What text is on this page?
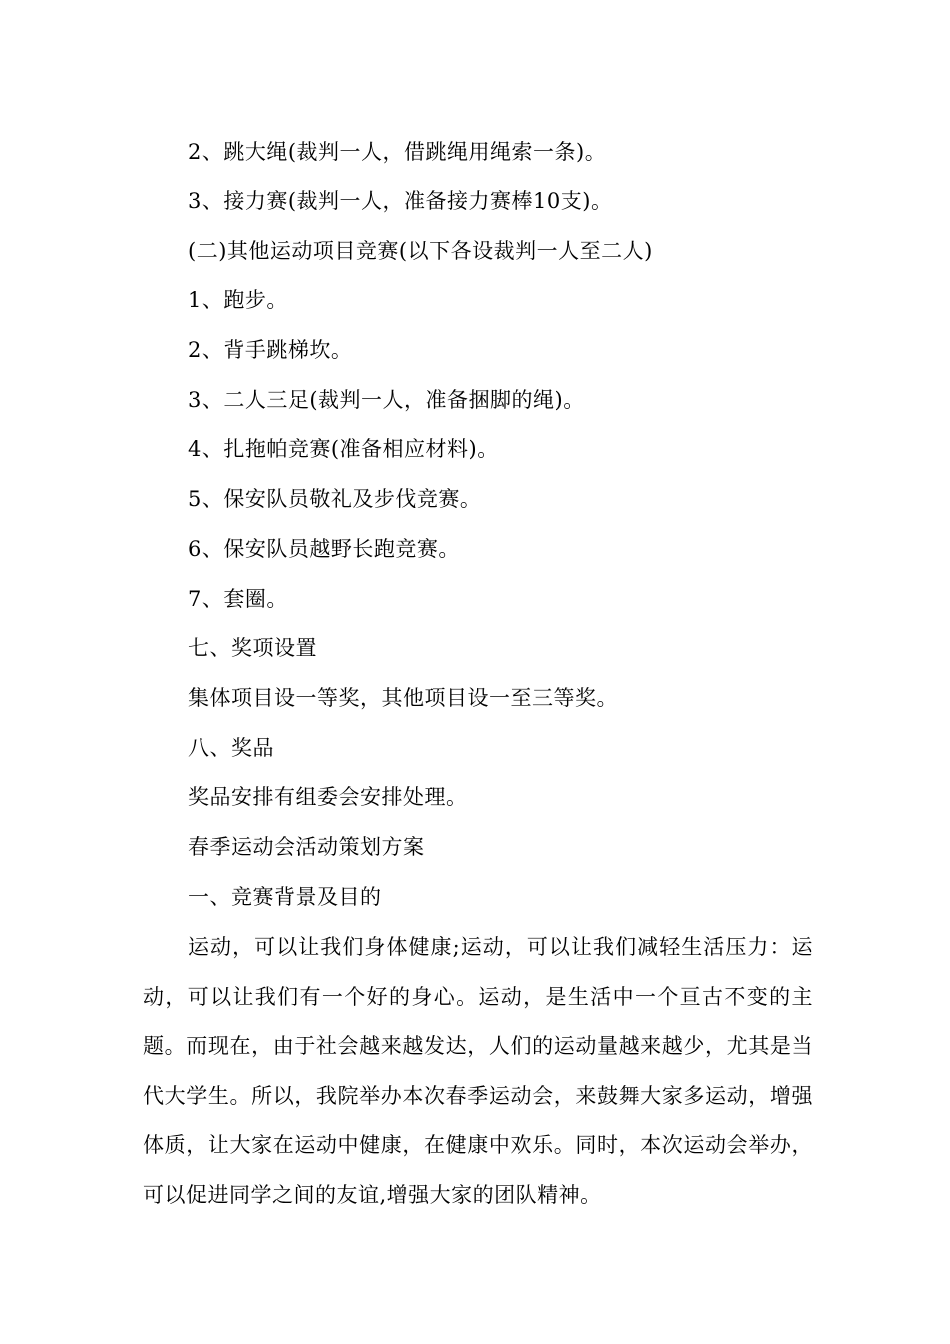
2、跳大绳(裁判一人，借跳绳用绳索一条)。
3、接力赛(裁判一人，准备接力赛棒10支)。
(二)其他运动项目竞赛(以下各设裁判一人至二人)
1、跑步。
2、背手跳梯坎。
3、二人三足(裁判一人，准备捆脚的绳)。
4、扎拖帕竞赛(准备相应材料)。
5、保安队员敬礼及步伐竞赛。
6、保安队员越野长跑竞赛。
7、套圈。
七、奖项设置
集体项目设一等奖，其他项目设一至三等奖。
八、奖品
奖品安排有组委会安排处理。
春季运动会活动策划方案
一、竞赛背景及目的
运动，可以让我们身体健康;运动，可以让我们减轻生活压力：运动，可以让我们有一个好的身心。运动，是生活中一个亘古不变的主题。而现在，由于社会越来越发达，人们的运动量越来越少，尤其是当代大学生。所以，我院举办本次春季运动会，来鼓舞大家多运动，增强体质，让大家在运动中健康，在健康中欢乐。同时，本次运动会举办，可以促进同学之间的友谊,增强大家的团队精神。
